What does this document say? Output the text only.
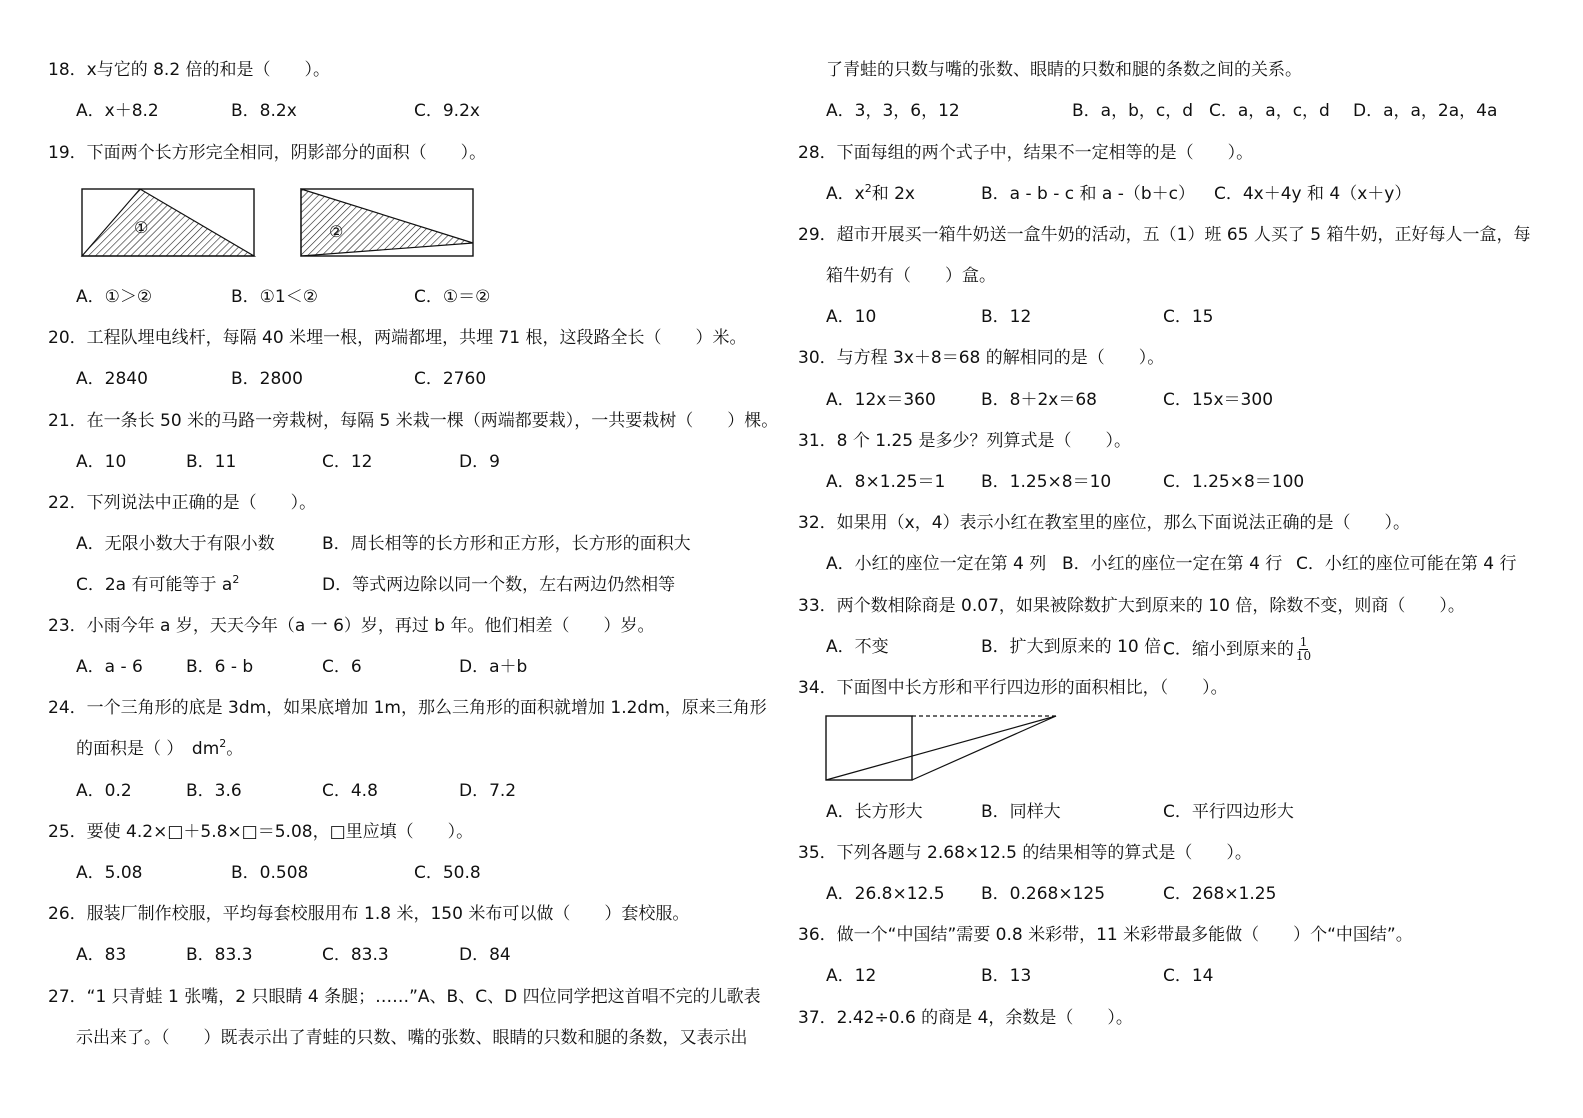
18．x与它的 8.2 倍的和是（　　）。
A．x＋8.2	B．8.2x	C．9.2x
19．下面两个长方形完全相同，阴影部分的面积（　　）。
①	②
A．①＞②	B．①1＜②	C．①＝②
20．工程队埋电线杆，每隔 40 米埋一根，两端都埋，共埋 71 根，这段路全长（　　）米。
A．2840	B．2800	C．2760
21．在一条长 50 米的马路一旁栽树，每隔 5 米栽一棵（两端都要栽），一共要栽树（　　）棵。
A．10	B．11	C．12	D．9
22．下列说法中正确的是（　　）。
A．无限小数大于有限小数	B．周长相等的长方形和正方形，长方形的面积大
C．2a 有可能等于 $a^2$	D．等式两边除以同一个数，左右两边仍然相等
23．小雨今年 a 岁，天天今年（a 一 6）岁，再过 b 年。他们相差（　　）岁。
A．a - 6	B．6 - b	C．6	D．a＋b
24．一个三角形的底是 3dm，如果底增加 1m，那么三角形的面积就增加 1.2dm，原来三角形
的面积是（ ）　$dm^2$。
A．0.2	B．3.6	C．4.8	D．7.2
25．要使 4.2×□＋5.8×□＝5.08，□里应填（　　）。
A．5.08	B．0.508	C．50.8
26．服装厂制作校服，平均每套校服用布 1.8 米，150 米布可以做（　　）套校服。
A．83	B．83.3	C．83.3	D．84
27．“1 只青蛙 1 张嘴，2 只眼睛 4 条腿；……”A、B、C、D 四位同学把这首唱不完的儿歌表
示出来了。（　　）既表示出了青蛙的只数、嘴的张数、眼睛的只数和腿的条数，又表示出
了青蛙的只数与嘴的张数、眼睛的只数和腿的条数之间的关系。
A．3，3，6，12	B．a，b，c，d C．a，a，c，d D．a，a，2a，4a
28．下面每组的两个式子中，结果不一定相等的是（　　）。
A．$x^2$和 2x	B．a - b - c 和 a -（b＋c） C．4x＋4y 和 4（x＋y）
29．超市开展买一箱牛奶送一盒牛奶的活动，五（1）班 65 人买了 5 箱牛奶，正好每人一盒，每
箱牛奶有（　　）盒。
A．10	B．12	C．15
30．与方程 3x＋8＝68 的解相同的是（　　）。
A．12x＝360	B．8＋2x＝68	C．15x＝300
31．8 个 1.25 是多少？列算式是（　　）。
A．8×1.25＝1 B．1.25×8＝10	C．1.25×8＝100
32．如果用（x，4）表示小红在教室里的座位，那么下面说法正确的是（　　）。
A．小红的座位一定在第 4 列 B．小红的座位一定在第 4 行 C．小红的座位可能在第 4 行
33．两个数相除商是 0.07，如果被除数扩大到原来的 10 倍，除数不变，则商（　　）。
A．不变	B．扩大到原来的 10 倍 C．缩小到原来的 $\frac{1}{10}$
34．下面图中长方形和平行四边形的面积相比，（　　）。
A．长方形大	B．同样大	C．平行四边形大
35．下列各题与 2.68×12.5 的结果相等的算式是（　　）。
A．26.8×12.5 B．0.268×125	C．268×1.25
36．做一个“中国结”需要 0.8 米彩带，11 米彩带最多能做（　　）个“中国结”。
A．12	B．13	C．14
37．2.42÷0.6 的商是 4，余数是（　　）。
